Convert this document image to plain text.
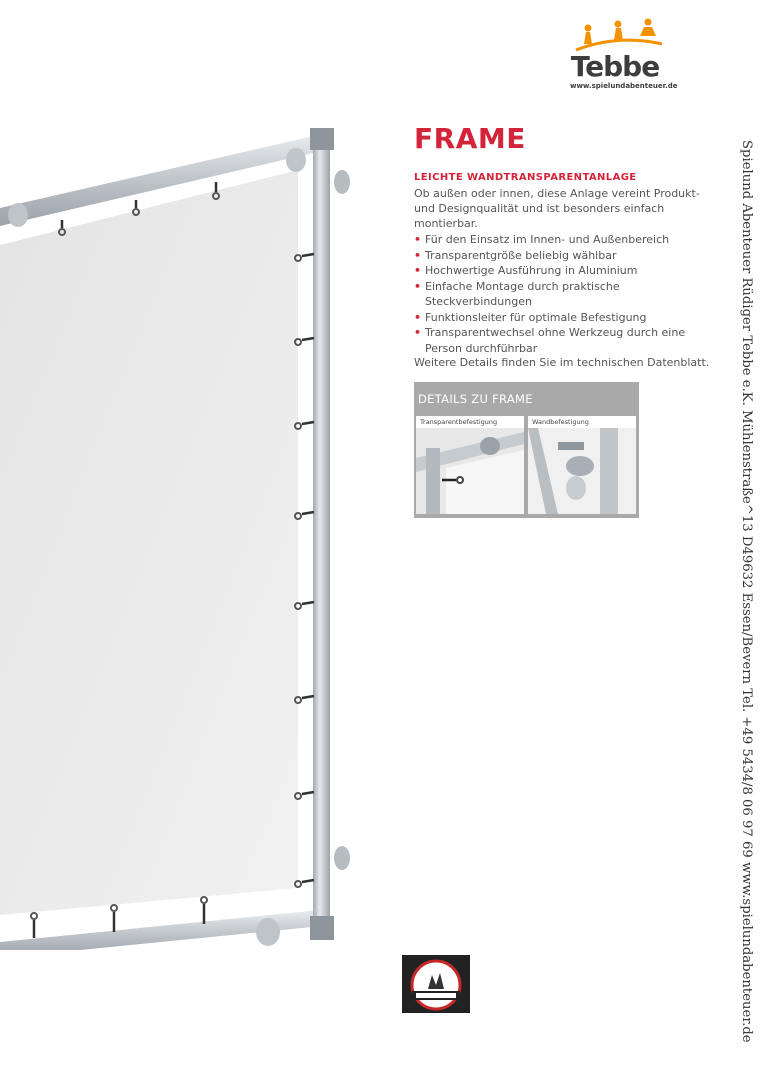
Tebbe
www.spielundabenteuer.de
FRAME
LEICHTE WANDTRANSPARENTANLAGE
Ob außen oder innen, diese Anlage vereint Produkt- und Designqualität und ist besonders einfach montierbar.
• Für den Einsatz im Innen- und Außenbereich
• Transparentgröße beliebig wählbar
• Hochwertige Ausführung in Aluminium
• Einfache Montage durch praktische Steckverbindungen
• Funktionsleiter für optimale Befestigung
• Transparentwechsel ohne Werkzeug durch eine Person durchführbar
Weitere Details finden Sie im technischen Datenblatt.
DETAILS ZU FRAME
Transparentbefestigung	Wandbefestigung	Spielund Abenteuer Rüdiger Tebbe e.K. Mühlenstraße^13 D49632 Essen/Bevern Tel. +49 5434/8 06 97 69 www.spielundabenteuer.de
